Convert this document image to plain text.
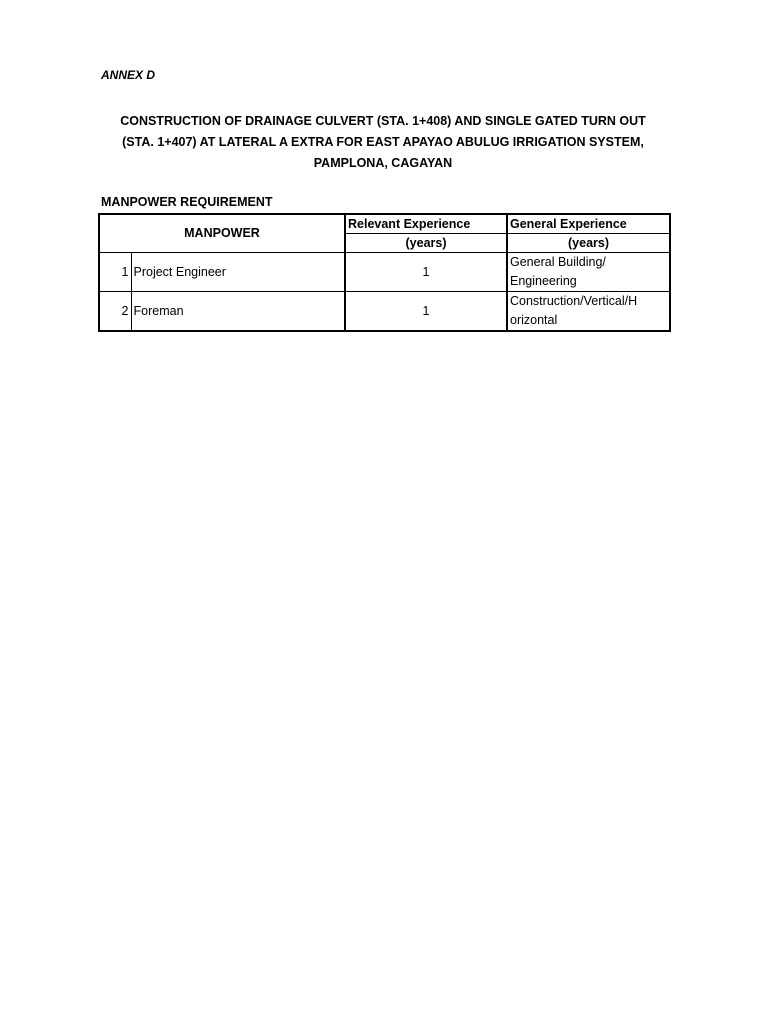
ANNEX D
CONSTRUCTION OF DRAINAGE CULVERT (STA. 1+408) AND SINGLE GATED TURN OUT
(STA. 1+407) AT LATERAL A EXTRA FOR EAST APAYAO ABULUG IRRIGATION SYSTEM,
PAMPLONA, CAGAYAN
MANPOWER REQUIREMENT
MANPOWER		Relevant Experience	General Experience
		(years)	(years)
1	Project Engineer	1	General Building/
Engineering

2	Foreman	1	Construction/Vertical/H
orizontal
